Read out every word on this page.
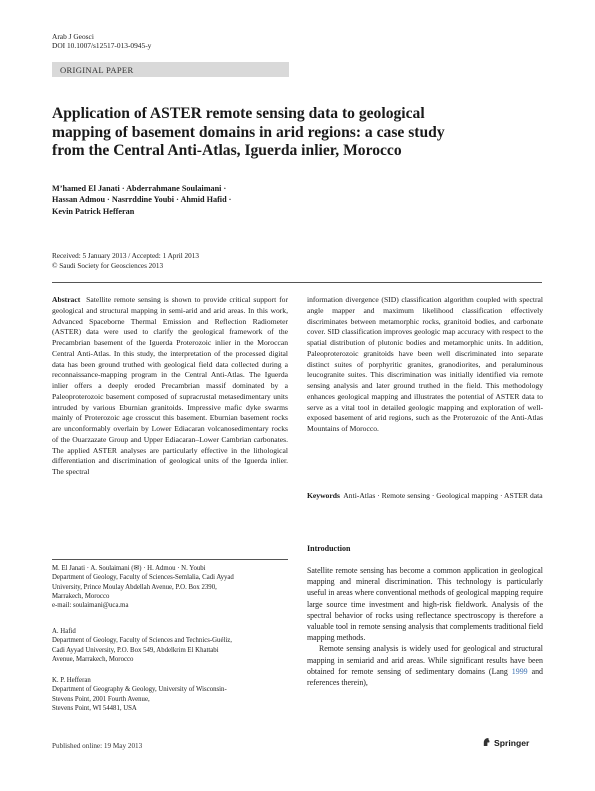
Arab J Geosci
DOI 10.1007/s12517-013-0945-y
ORIGINAL PAPER
Application of ASTER remote sensing data to geological
mapping of basement domains in arid regions: a case study
from the Central Anti-Atlas, Iguerda inlier, Morocco
M’hamed El Janati · Abderrahmane Soulaimani ·
Hassan Admou · Nasrrddine Youbi · Ahmid Hafid ·
Kevin Patrick Hefferan
Received: 5 January 2013 / Accepted: 1 April 2013
© Saudi Society for Geosciences 2013
Abstract Satellite remote sensing is shown to provide critical support for geological and structural mapping in semi-arid and arid areas. In this work, Advanced Spaceborne Thermal Emission and Reflection Radiometer (ASTER) data were used to clarify the geological framework of the Precambrian basement of the Iguerda Proterozoic inlier in the Moroccan Central Anti-Atlas. In this study, the interpretation of the processed digital data has been ground truthed with geological field data collected during a reconnaissance-mapping program in the Central Anti-Atlas. The Iguerda inlier offers a deeply eroded Precambrian massif dominated by a Paleoproterozoic basement composed of supracrustal metasedimentary units intruded by various Eburnian granitoids. Impressive mafic dyke swarms mainly of Proterozoic age crosscut this basement. Eburnian basement rocks are unconformably overlain by Lower Ediacaran volcanosedimentary rocks of the Ouarzazate Group and Upper Ediacaran–Lower Cambrian carbonates. The applied ASTER analyses are particularly effective in the lithological differentiation and discrimination of geological units of the Iguerda inlier. The spectral
information divergence (SID) classification algorithm coupled with spectral angle mapper and maximum likelihood classification effectively discriminates between metamorphic rocks, granitoid bodies, and carbonate cover. SID classification improves geologic map accuracy with respect to the spatial distribution of plutonic bodies and metamorphic units. In addition, Paleoproterozoic granitoids have been well discriminated into separate distinct suites of porphyritic granites, granodiorites, and peraluminous leucogranite suites. This discrimination was initially identified via remote sensing analysis and later ground truthed in the field. This methodology enhances geological mapping and illustrates the potential of ASTER data to serve as a vital tool in detailed geologic mapping and exploration of well-exposed basement of arid regions, such as the Proterozoic of the Anti-Atlas Mountains of Morocco.
Keywords Anti-Atlas · Remote sensing · Geological mapping · ASTER data
Introduction
Satellite remote sensing has become a common application in geological mapping and mineral discrimination. This technology is particularly useful in areas where conventional methods of geological mapping require large source time investment and high-risk fieldwork. Analysis of the spectral behavior of rocks using reflectance spectroscopy is therefore a valuable tool in remote sensing analysis that complements traditional field mapping methods.
Remote sensing analysis is widely used for geological and structural mapping in semiarid and arid areas. While significant results have been obtained for remote sensing of sedimentary domains (Lang 1999 and references therein),
M. El Janati · A. Soulaimani (✉) · H. Admou · N. Youbi
Department of Geology, Faculty of Sciences-Semlalia, Cadi Ayyad
University, Prince Moulay Abdellah Avenue, P.O. Box 2390,
Marrakech, Morocco
e-mail: soulaimani@uca.ma
A. Hafid
Department of Geology, Faculty of Sciences and Technics-Guéliz,
Cadi Ayyad University, P.O. Box 549, Abdelkrim El Khattabi
Avenue, Marrakech, Morocco
K. P. Hefferan
Department of Geography & Geology, University of Wisconsin-
Stevens Point, 2001 Fourth Avenue,
Stevens Point, WI 54481, USA
Published online: 19 May 2013	Springer
